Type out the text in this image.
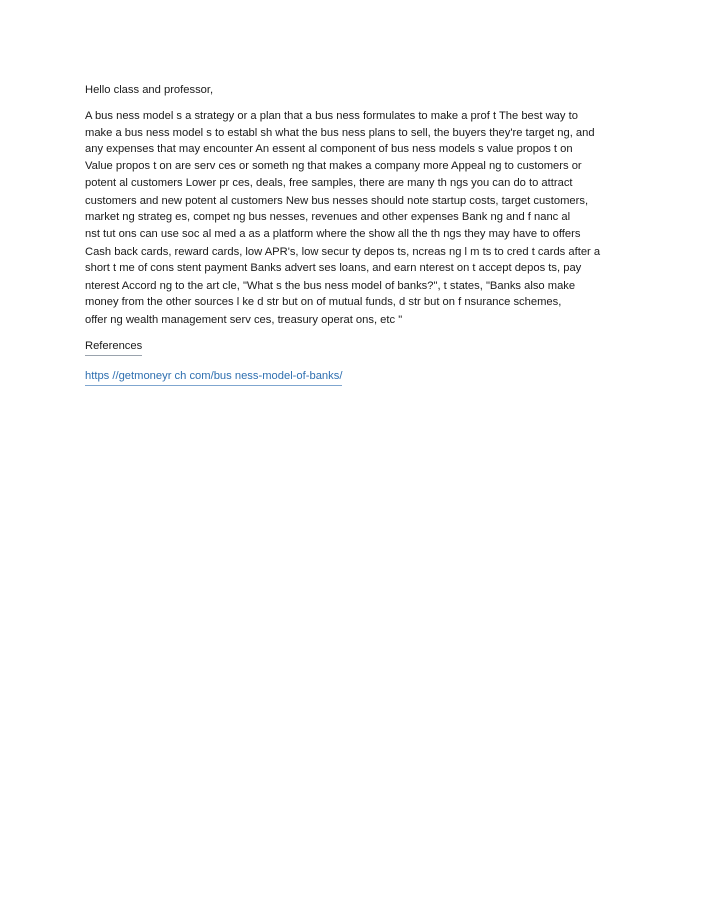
Hello class and professor,
A bus ness model s a strategy or a plan that a bus ness formulates to make a prof t The best way to
make a bus ness model s to establ sh what the bus ness plans to sell, the buyers they're target ng, and
any expenses that may encounter An essent al component of bus ness models s value propos t on
Value propos t on are serv ces or someth ng that makes a company more Appeal ng to customers or
potent al customers Lower pr ces, deals, free samples, there are many th ngs you can do to attract
customers and new potent al customers New bus nesses should note startup costs, target customers,
market ng strateg es, compet ng bus nesses, revenues and other expenses Bank ng and f nanc al
nst tut ons can use soc al med a as a platform where the show all the th ngs they may have to offers
Cash back cards, reward cards, low APR's, low secur ty depos ts, ncreas ng l m ts to cred t cards after a
short t me of cons stent payment Banks advert ses loans, and earn nterest on t accept depos ts, pay
nterest Accord ng to the art cle, "What s the bus ness model of banks?", t states, "Banks also make
money from the other sources l ke d str but on of mutual funds, d str but on f nsurance schemes,
offer ng wealth management serv ces, treasury operat ons, etc "
References
https //getmoneyr ch com/bus ness-model-of-banks/
